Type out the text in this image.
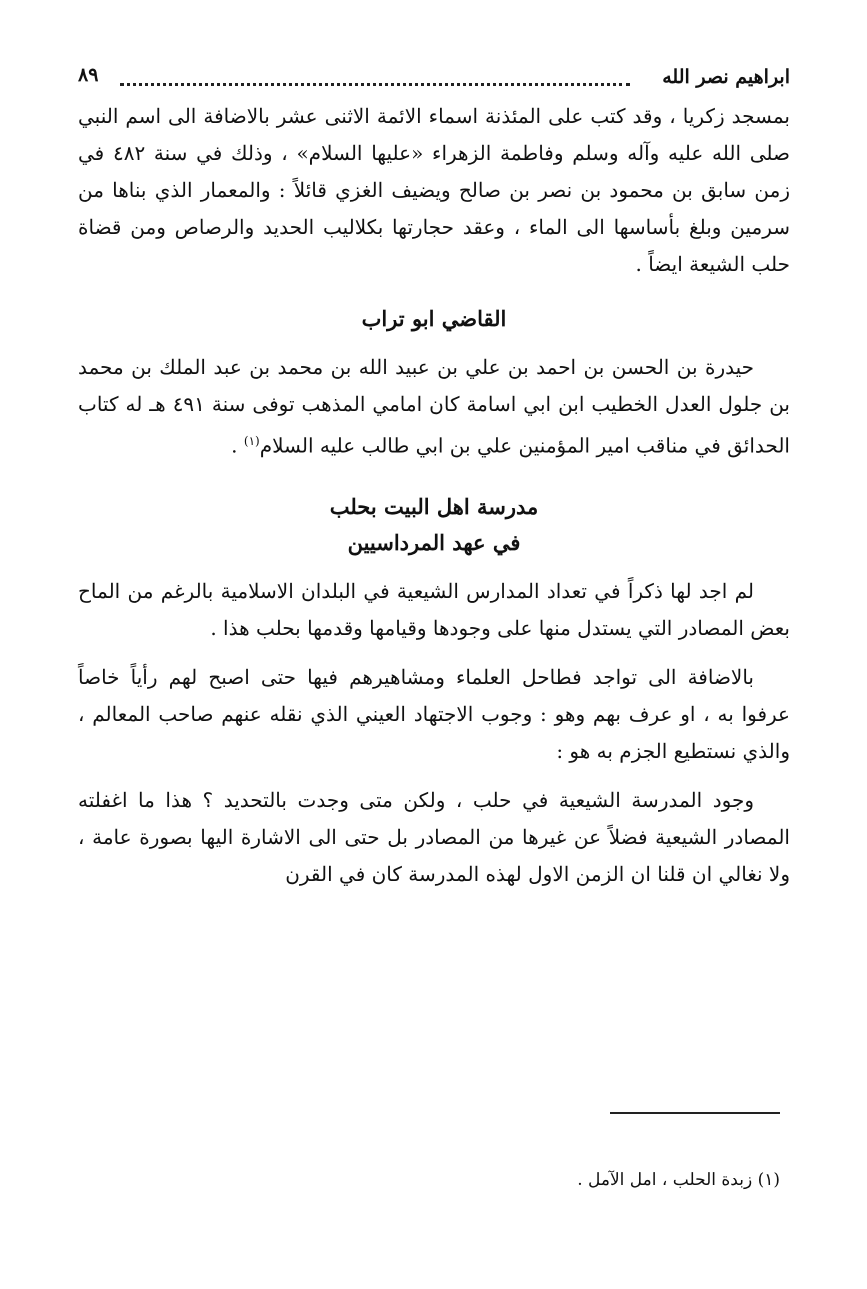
ابراهيم نصر الله
٨٩

بمسجد زكريا ، وقد كتب على المئذنة اسماء الائمة الاثنى عشر بالاضافة الى اسم النبي صلى الله عليه وآله وسلم وفاطمة الزهراء «عليها السلام» ، وذلك في سنة ٤٨٢ في زمن سابق بن محمود بن نصر بن صالح ويضيف الغزي قائلاً : والمعمار الذي بناها من سرمين وبلغ بأساسها الى الماء ، وعقد حجارتها بكلاليب الحديد والرصاص ومن قضاة حلب الشيعة ايضاً .

القاضي ابو تراب

حيدرة بن الحسن بن احمد بن علي بن عبيد الله بن محمد بن عبد الملك بن محمد بن جلول العدل الخطيب ابن ابي اسامة كان امامي المذهب توفى سنة ٤٩١ هـ له كتاب الحدائق في مناقب امير المؤمنين علي بن ابي طالب عليه السلام$^{(١)}$ .

مدرسة اهل البيت بحلب

في عهد المرداسيين

لم اجد لها ذكراً في تعداد المدارس الشيعية في البلدان الاسلامية بالرغم من الماح بعض المصادر التي يستدل منها على وجودها وقيامها وقدمها بحلب هذا .

بالاضافة الى تواجد فطاحل العلماء ومشاهيرهم فيها حتى اصبح لهم رأياً خاصاً عرفوا به ، او عرف بهم وهو : وجوب الاجتهاد العيني الذي نقله عنهم صاحب المعالم ، والذي نستطيع الجزم به هو :

وجود المدرسة الشيعية في حلب ، ولكن متى وجدت بالتحديد ؟ هذا ما اغفلته المصادر الشيعية فضلاً عن غيرها من المصادر بل حتى الى الاشارة اليها بصورة عامة ، ولا نغالي ان قلنا ان الزمن الاول لهذه المدرسة كان في القرن

(١) زبدة الحلب ، امل الآمل .
